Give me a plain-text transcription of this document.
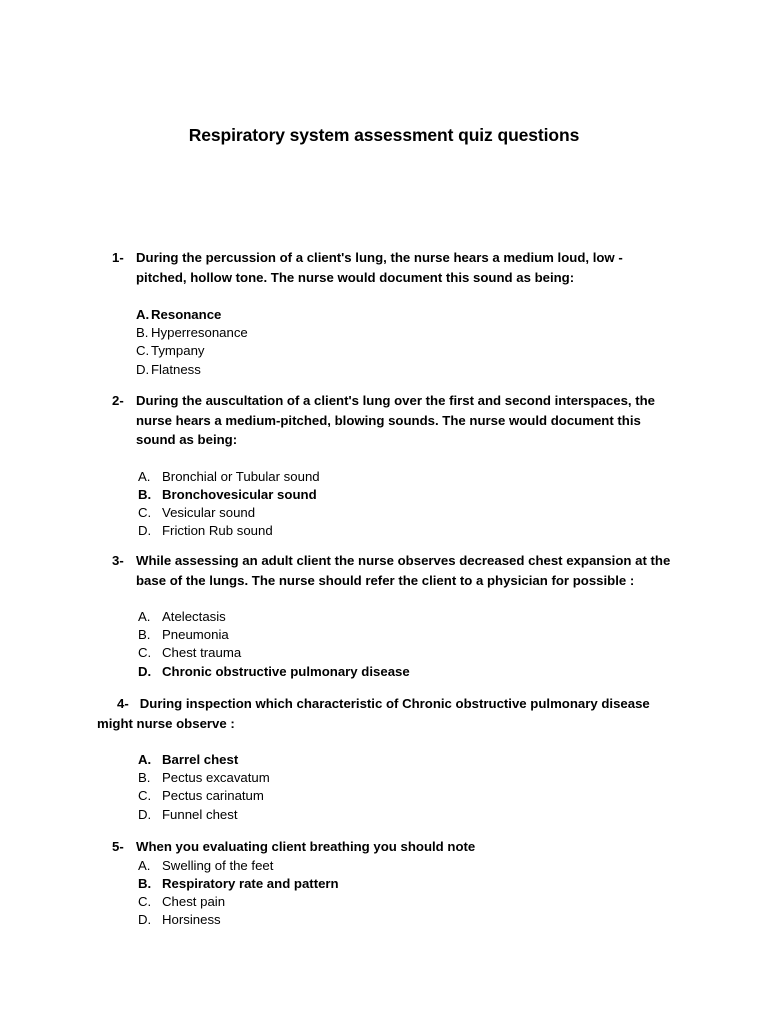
Respiratory system assessment quiz questions
1- During the percussion of a client's lung, the nurse hears a medium loud, low - pitched, hollow tone. The nurse would document this sound as being:
A. Resonance
B. Hyperresonance
C. Tympany
D. Flatness
2- During the auscultation of a client's lung over the first and second interspaces, the nurse hears a medium-pitched, blowing sounds. The nurse would document this sound as being:
A. Bronchial or Tubular sound
B. Bronchovesicular sound
C. Vesicular sound
D. Friction Rub sound
3- While assessing an adult client the nurse observes decreased chest expansion at the base of the lungs. The nurse should refer the client to a physician for possible :
A. Atelectasis
B. Pneumonia
C. Chest trauma
D. Chronic obstructive pulmonary disease
4- During inspection which characteristic of Chronic obstructive pulmonary disease might nurse observe :
A. Barrel chest
B. Pectus excavatum
C. Pectus carinatum
D. Funnel chest
5- When you evaluating client breathing you should note
A. Swelling of the feet
B. Respiratory rate and pattern
C. Chest pain
D. Horsiness
